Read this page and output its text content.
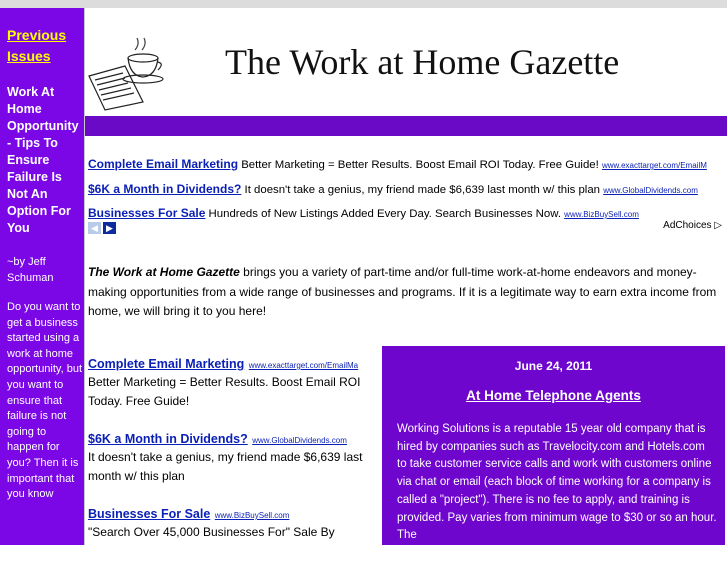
Previous Issues
Work At Home Opportunity - Tips To Ensure Failure Is Not An Option For You
~by Jeff Schuman
Do you want to get a business started using a work at home opportunity, but you want to ensure that failure is not going to happen for you? Then it is important that you know
The Work at Home Gazette
Complete Email Marketing Better Marketing = Better Results. Boost Email ROI Today. Free Guide! www.exacttarget.com/EmailM
$6K a Month in Dividends? It doesn't take a genius, my friend made $6,639 last month w/ this plan www.GlobalDividends.com
Businesses For Sale Hundreds of New Listings Added Every Day. Search Businesses Now. www.BizBuySell.com
◀ ▶	AdChoices ▷
The Work at Home Gazette brings you a variety of part-time and/or full-time work-at-home endeavors and money-making opportunities from a wide range of businesses and programs. If it is a legitimate way to earn extra income from home, we will bring it to you here!
Complete Email Marketing www.exacttarget.com/EmailMa
Better Marketing = Better Results. Boost Email ROI Today. Free Guide!
$6K a Month in Dividends? www.GlobalDividends.com
It doesn't take a genius, my friend made $6,639 last month w/ this plan
Businesses For Sale www.BizBuySell.com
"Search Over 45,000 Businesses For" Sale By
June 24, 2011
At Home Telephone Agents
Working Solutions is a reputable 15 year old company that is hired by companies such as Travelocity.com and Hotels.com to take customer service calls and work with customers online via chat or email (each block of time working for a company is called a "project"). There is no fee to apply, and training is provided. Pay varies from minimum wage to $30 or so an hour. The
